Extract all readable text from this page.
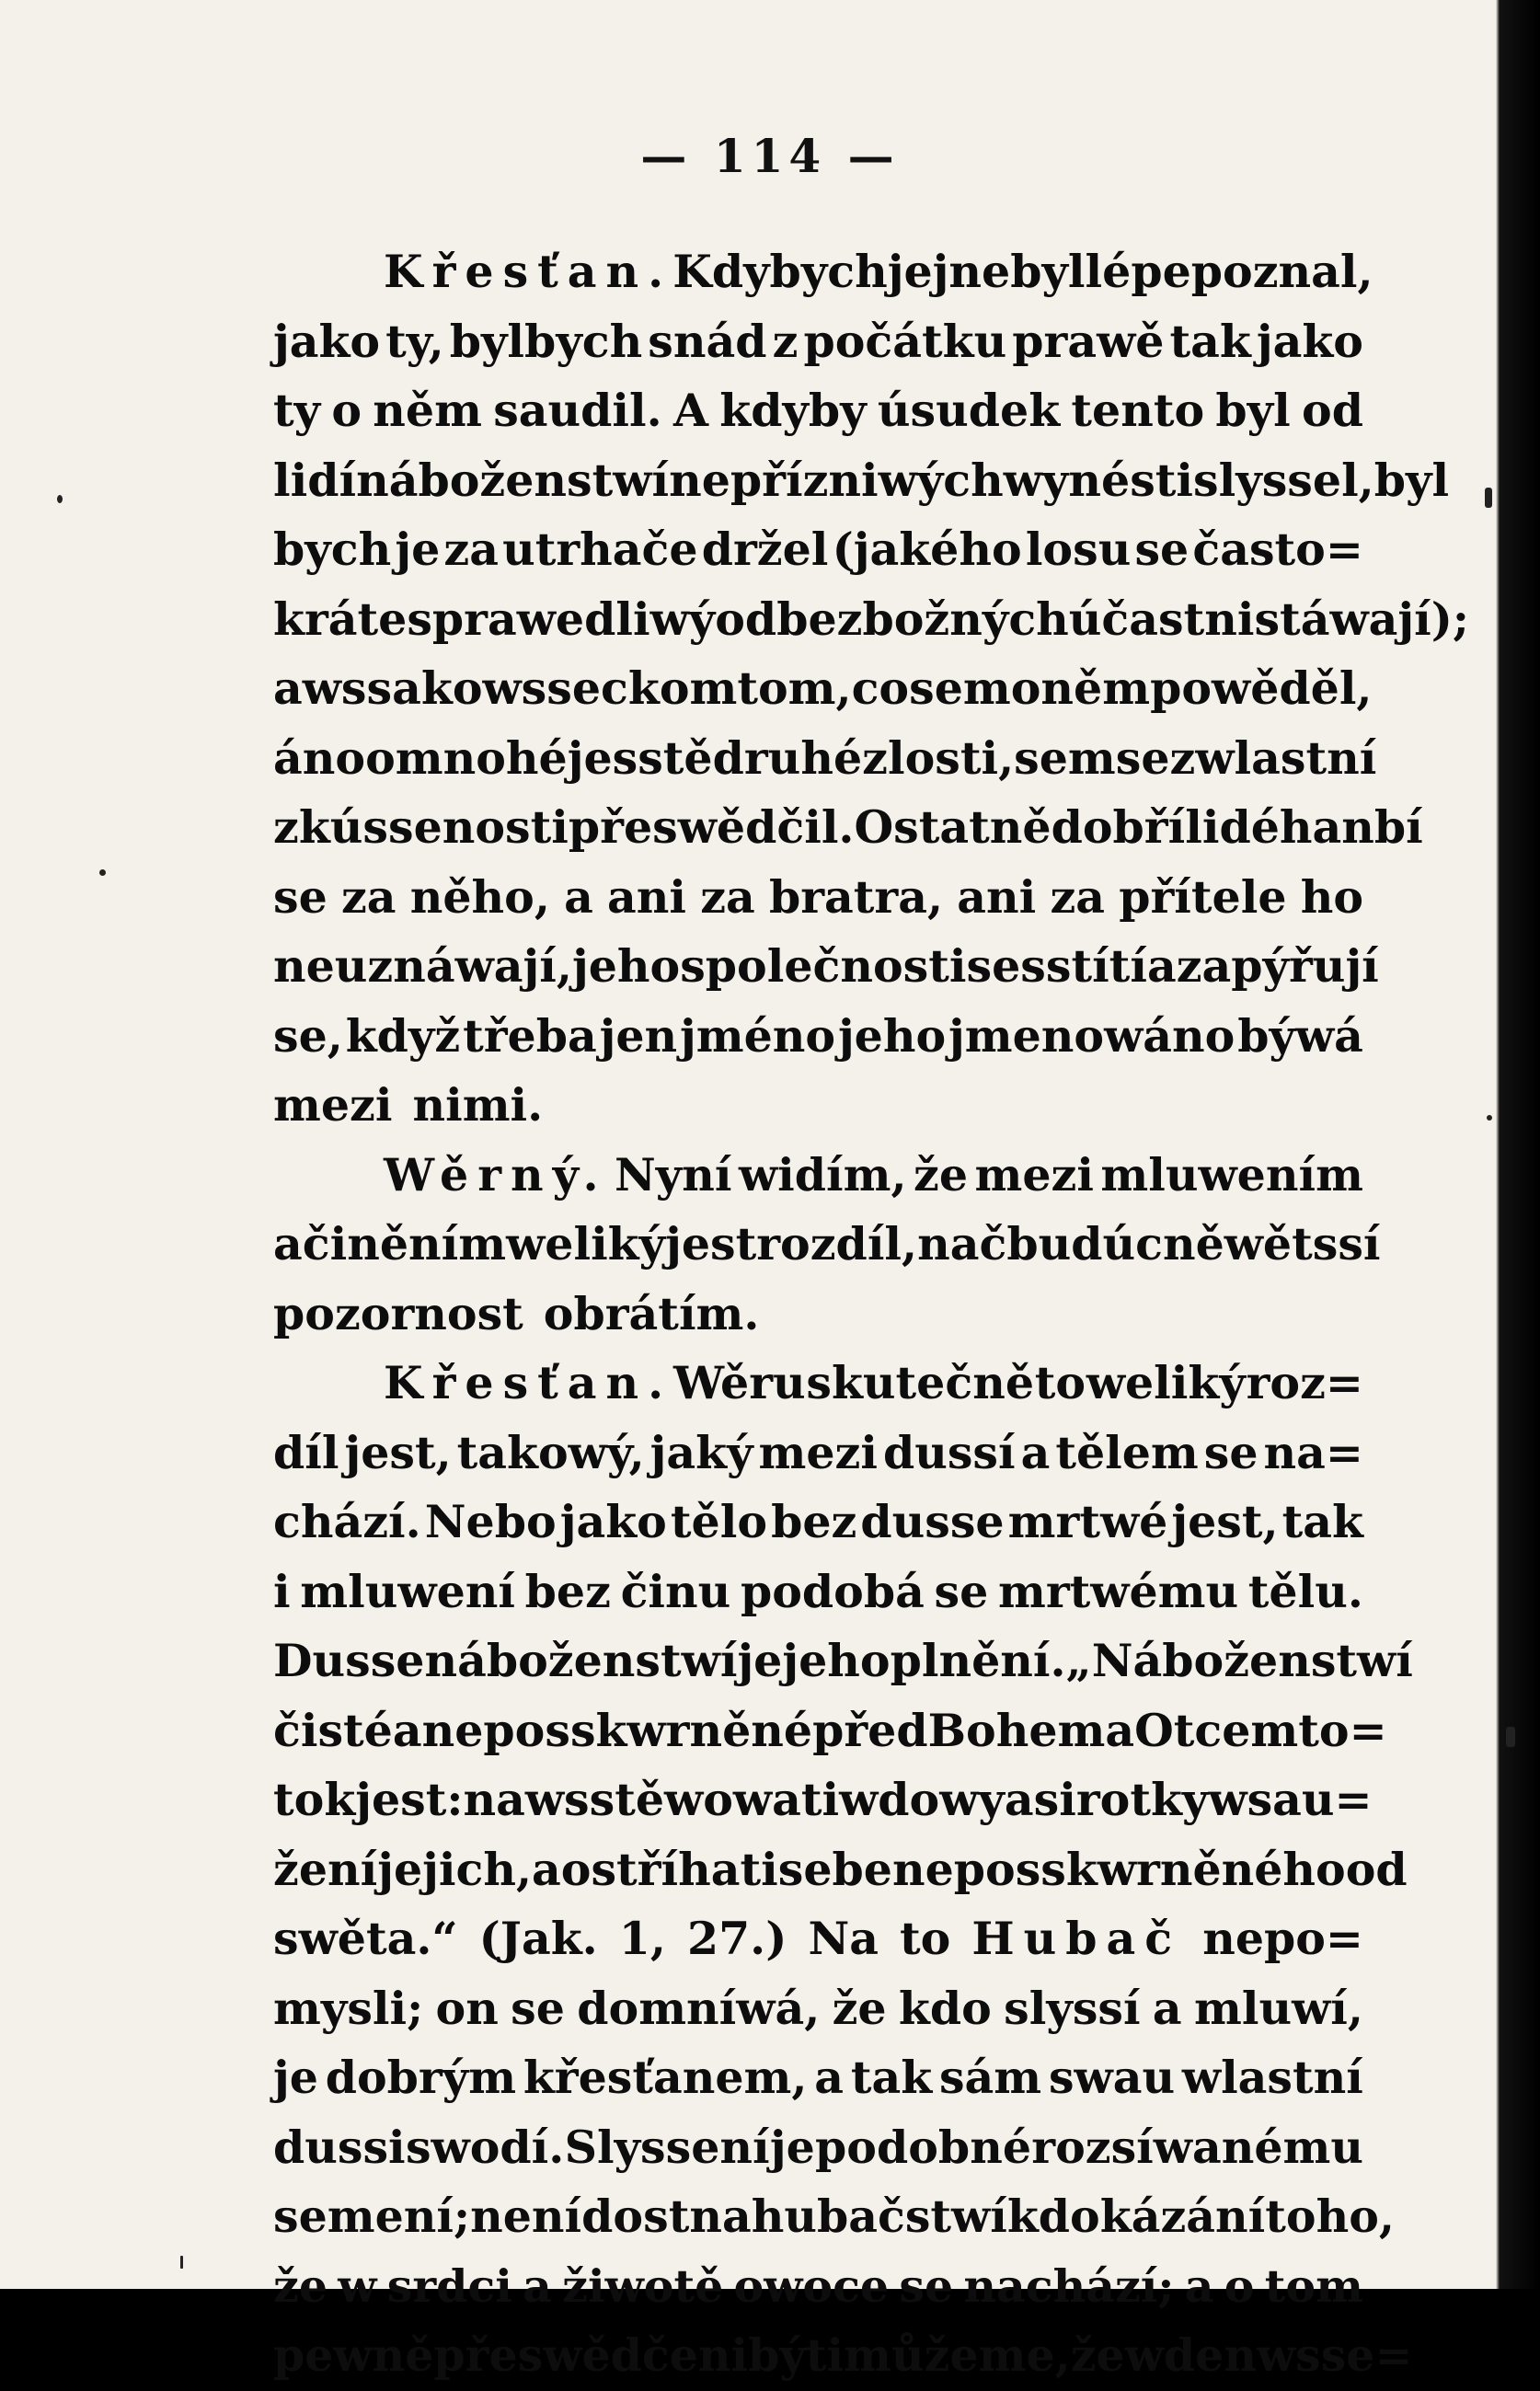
— 114 —
Křesťan. Kdybych jej nebyl lépe poznal,
jako ty, bylbych snád z počátku prawě tak jako
ty o něm saudil. A kdyby úsudek tento byl od
lidí náboženstwí nepřízniwých wynésti slyssel, byl
bych je za utrhače držel (jakého losu se často=
kráte sprawedliwý od bezbožných účastni stáwají);
awssak o wsseckom tom, co sem o něm powěděl,
áno o mnohé jesstě druhé zlosti, sem se z wlastní
zkússenosti přeswědčil. Ostatně dobří lidé hanbí
se za něho, a ani za bratra, ani za přítele ho
neuznáwají, jeho společnosti se sstítí a zapýřují
se, když třeba jen jméno jeho jmenowáno býwá
mezi nimi.
Wěrný. Nyní widím, že mezi mluwením
a činěním weliký jest rozdíl, nač budúcně wětssí
pozornost obrátím.
Křesťan. Wěru skutečně to weliký roz=
díl jest, takowý, jaký mezi dussí a tělem se na=
chází. Nebo jako tělo bez dusse mrtwé jest, tak
i mluwení bez činu podobá se mrtwému tělu.
Dusse náboženstwí je jeho plnění. „Náboženstwí
čisté a neposskwrněné před Bohem a Otcem to=
tok jest: nawsstěwowati wdowy a sirotky w sau=
žení jejich, a ostříhati sebe neposskwrněného od
swěta.“ (Jak. 1, 27.) Na to Hubač nepo=
mysli; on se domníwá, že kdo slyssí a mluwí,
je dobrým křesťanem, a tak sám swau wlastní
dussi swodí. Slyssení je podobné rozsíwanému
semení; není dost na hubačstwí k dokázání toho,
že w srdci a žiwotě owoce se nachází; a o tom
pewně přeswědčeni býti můžeme, že w den wsse=
